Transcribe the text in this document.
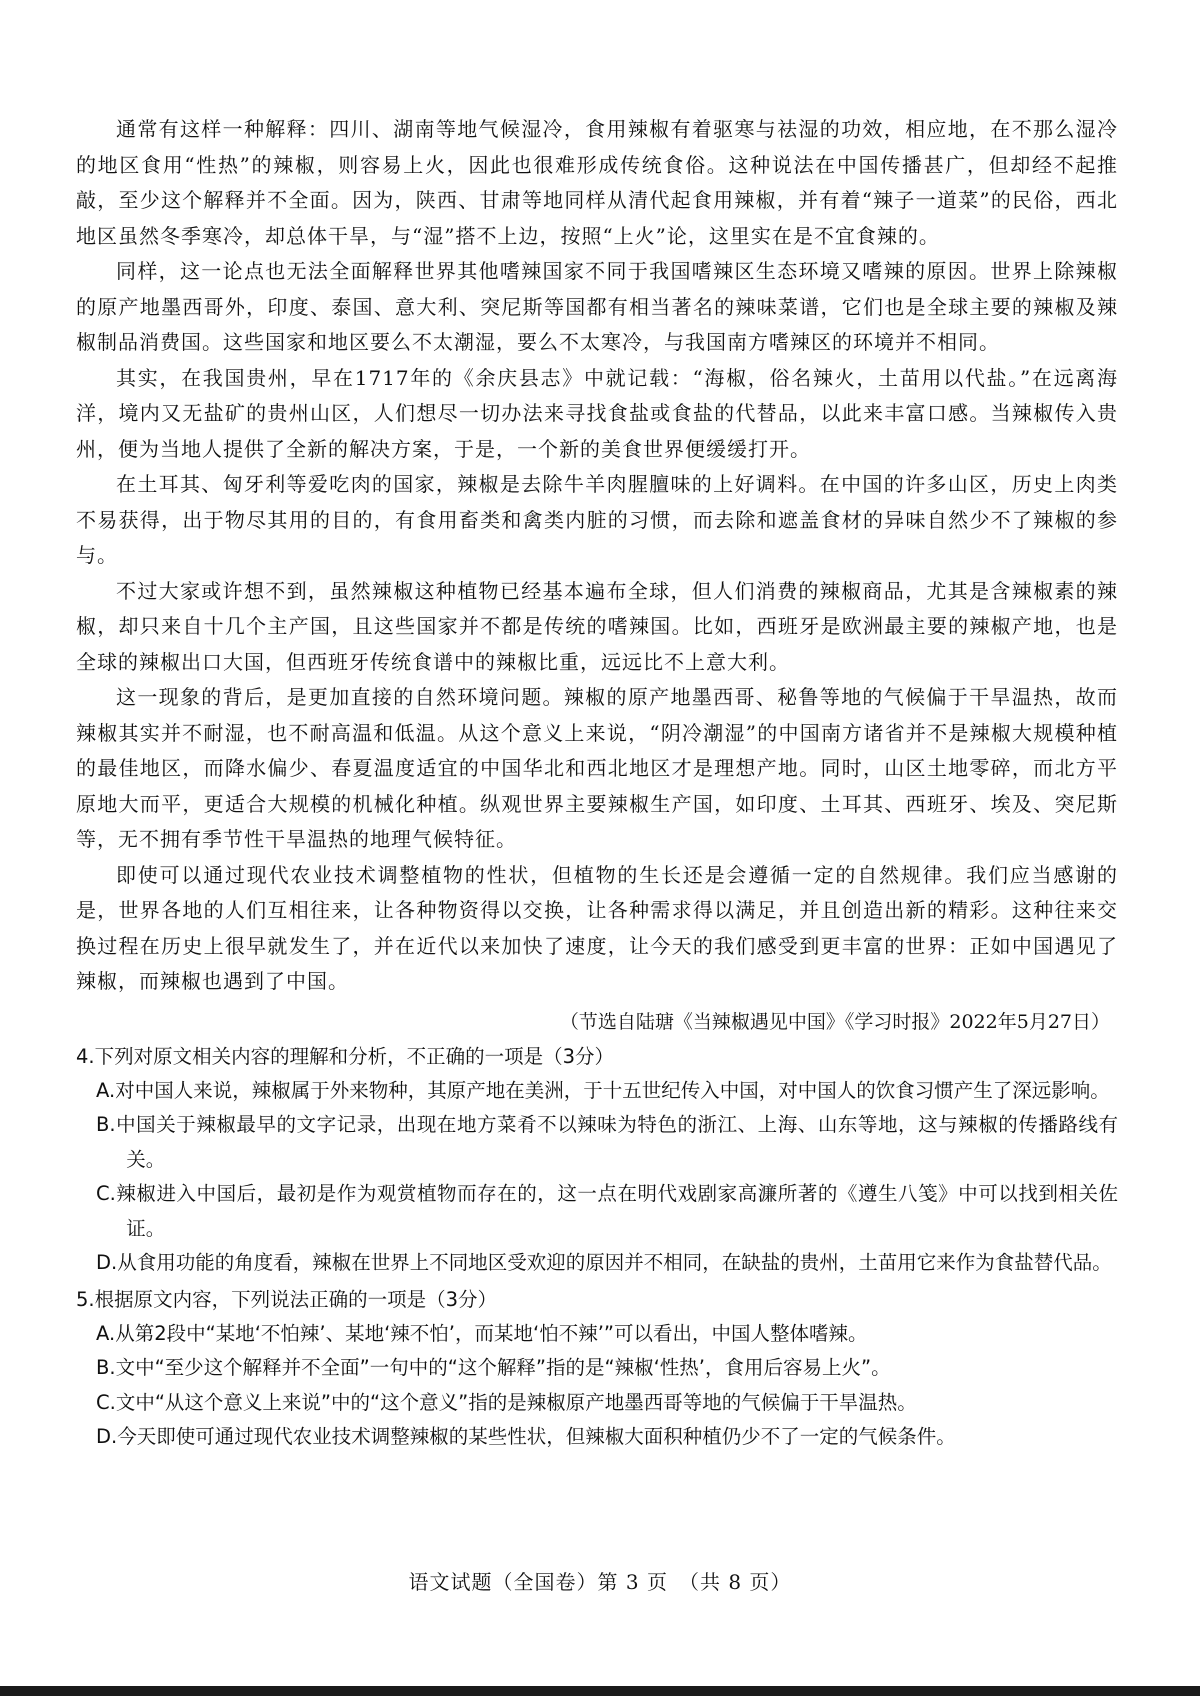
通常有这样一种解释：四川、湖南等地气候湿冷，食用辣椒有着驱寒与祛湿的功效，相应地，在不那么湿冷的地区食用“性热”的辣椒，则容易上火，因此也很难形成传统食俗。这种说法在中国传播甚广，但却经不起推敲，至少这个解释并不全面。因为，陕西、甘肃等地同样从清代起食用辣椒，并有着“辣子一道菜”的民俗，西北地区虽然冬季寒冷，却总体干旱，与“湿”搭不上边，按照“上火”论，这里实在是不宜食辣的。

同样，这一论点也无法全面解释世界其他嗜辣国家不同于我国嗜辣区生态环境又嗜辣的原因。世界上除辣椒的原产地墨西哥外，印度、泰国、意大利、突尼斯等国都有相当著名的辣味菜谱，它们也是全球主要的辣椒及辣椒制品消费国。这些国家和地区要么不太潮湿，要么不太寒冷，与我国南方嗜辣区的环境并不相同。

其实，在我国贵州，早在1717年的《余庆县志》中就记载：“海椒，俗名辣火，土苗用以代盐。”在远离海洋，境内又无盐矿的贵州山区，人们想尽一切办法来寻找食盐或食盐的代替品，以此来丰富口感。当辣椒传入贵州，便为当地人提供了全新的解决方案，于是，一个新的美食世界便缓缓打开。

在土耳其、匈牙利等爱吃肉的国家，辣椒是去除牛羊肉腥膻味的上好调料。在中国的许多山区，历史上肉类不易获得，出于物尽其用的目的，有食用畜类和禽类内脏的习惯，而去除和遮盖食材的异味自然少不了辣椒的参与。

不过大家或许想不到，虽然辣椒这种植物已经基本遍布全球，但人们消费的辣椒商品，尤其是含辣椒素的辣椒，却只来自十几个主产国，且这些国家并不都是传统的嗜辣国。比如，西班牙是欧洲最主要的辣椒产地，也是全球的辣椒出口大国，但西班牙传统食谱中的辣椒比重，远远比不上意大利。

这一现象的背后，是更加直接的自然环境问题。辣椒的原产地墨西哥、秘鲁等地的气候偏于干旱温热，故而辣椒其实并不耐湿，也不耐高温和低温。从这个意义上来说，“阴冷潮湿”的中国南方诸省并不是辣椒大规模种植的最佳地区，而降水偏少、春夏温度适宜的中国华北和西北地区才是理想产地。同时，山区土地零碎，而北方平原地大而平，更适合大规模的机械化种植。纵观世界主要辣椒生产国，如印度、土耳其、西班牙、埃及、突尼斯等，无不拥有季节性干旱温热的地理气候特征。

即使可以通过现代农业技术调整植物的性状，但植物的生长还是会遵循一定的自然规律。我们应当感谢的是，世界各地的人们互相往来，让各种物资得以交换，让各种需求得以满足，并且创造出新的精彩。这种往来交换过程在历史上很早就发生了，并在近代以来加快了速度，让今天的我们感受到更丰富的世界：正如中国遇见了辣椒，而辣椒也遇到了中国。

（节选自陆瑭《当辣椒遇见中国》《学习时报》2022年5月27日）

4.下列对原文相关内容的理解和分析，不正确的一项是（3分）

A.对中国人来说，辣椒属于外来物种，其原产地在美洲，于十五世纪传入中国，对中国人的饮食习惯产生了深远影响。

B.中国关于辣椒最早的文字记录，出现在地方菜肴不以辣味为特色的浙江、上海、山东等地，这与辣椒的传播路线有关。

C.辣椒进入中国后，最初是作为观赏植物而存在的，这一点在明代戏剧家高濂所著的《遵生八笺》中可以找到相关佐证。

D.从食用功能的角度看，辣椒在世界上不同地区受欢迎的原因并不相同，在缺盐的贵州，土苗用它来作为食盐替代品。

5.根据原文内容，下列说法正确的一项是（3分）

A.从第2段中“某地‘不怕辣’、某地‘辣不怕’，而某地‘怕不辣’”可以看出，中国人整体嗜辣。

B.文中“至少这个解释并不全面”一句中的“这个解释”指的是“辣椒‘性热’，食用后容易上火”。

C.文中“从这个意义上来说”中的“这个意义”指的是辣椒原产地墨西哥等地的气候偏于干旱温热。

D.今天即使可通过现代农业技术调整辣椒的某些性状，但辣椒大面积种植仍少不了一定的气候条件。

语文试题（全国卷）第 3 页　（共 8 页）
